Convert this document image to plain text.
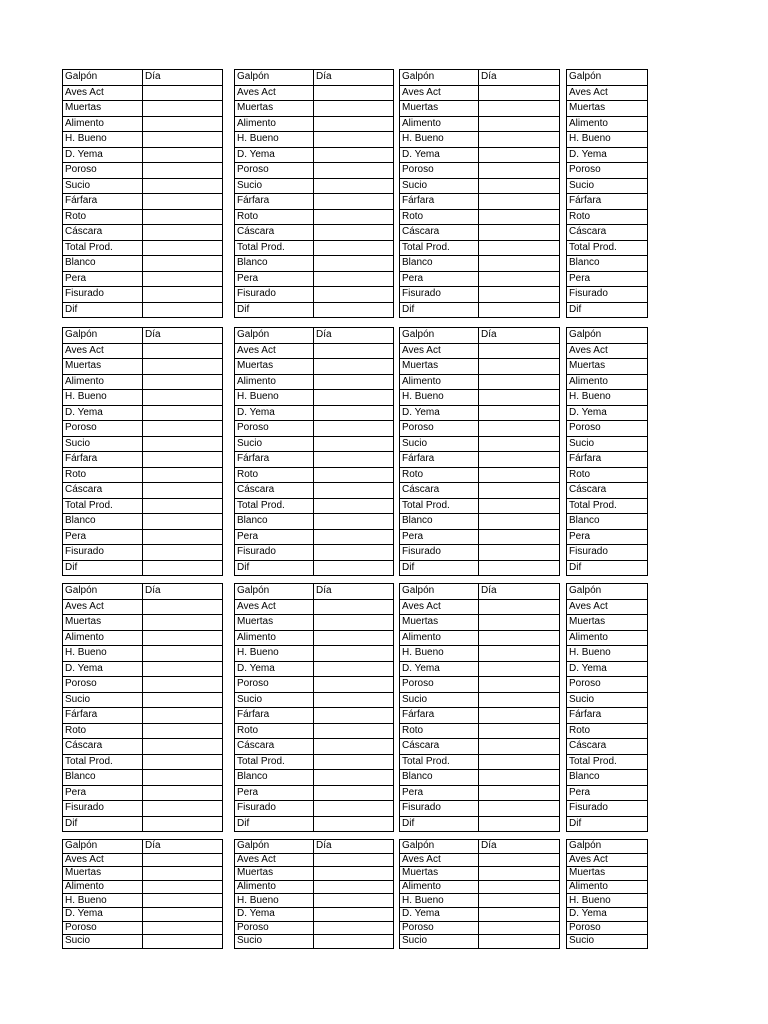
Galpón	Día
Aves Act	
Muertas	
Alimento	
H. Bueno	
D. Yema	
Poroso	
Sucio	
Fárfara	
Roto	
Cáscara	
Total Prod.	
Blanco	
Pera	
Fisurado	
Dif	
Galpón	Día
Aves Act	
Muertas	
Alimento	
H. Bueno	
D. Yema	
Poroso	
Sucio	
Fárfara	
Roto	
Cáscara	
Total Prod.	
Blanco	
Pera	
Fisurado	
Dif	
Galpón	Día
Aves Act	
Muertas	
Alimento	
H. Bueno	
D. Yema	
Poroso	
Sucio	
Fárfara	
Roto	
Cáscara	
Total Prod.	
Blanco	
Pera	
Fisurado	
Dif	
Galpón
Aves Act
Muertas
Alimento
H. Bueno
D. Yema
Poroso
Sucio
Fárfara
Roto
Cáscara
Total Prod.
Blanco
Pera
Fisurado
Dif
Galpón	Día
Aves Act	
Muertas	
Alimento	
H. Bueno	
D. Yema	
Poroso	
Sucio	
Fárfara	
Roto	
Cáscara	
Total Prod.	
Blanco	
Pera	
Fisurado	
Dif	
Galpón	Día
Aves Act	
Muertas	
Alimento	
H. Bueno	
D. Yema	
Poroso	
Sucio	
Fárfara	
Roto	
Cáscara	
Total Prod.	
Blanco	
Pera	
Fisurado	
Dif	
Galpón	Día
Aves Act	
Muertas	
Alimento	
H. Bueno	
D. Yema	
Poroso	
Sucio	
Fárfara	
Roto	
Cáscara	
Total Prod.	
Blanco	
Pera	
Fisurado	
Dif	
Galpón
Aves Act
Muertas
Alimento
H. Bueno
D. Yema
Poroso
Sucio
Fárfara
Roto
Cáscara
Total Prod.
Blanco
Pera
Fisurado
Dif
Galpón	Día
Aves Act	
Muertas	
Alimento	
H. Bueno	
D. Yema	
Poroso	
Sucio	
Fárfara	
Roto	
Cáscara	
Total Prod.	
Blanco	
Pera	
Fisurado	
Dif	
Galpón	Día
Aves Act	
Muertas	
Alimento	
H. Bueno	
D. Yema	
Poroso	
Sucio	
Fárfara	
Roto	
Cáscara	
Total Prod.	
Blanco	
Pera	
Fisurado	
Dif	
Galpón	Día
Aves Act	
Muertas	
Alimento	
H. Bueno	
D. Yema	
Poroso	
Sucio	
Fárfara	
Roto	
Cáscara	
Total Prod.	
Blanco	
Pera	
Fisurado	
Dif	
Galpón
Aves Act
Muertas
Alimento
H. Bueno
D. Yema
Poroso
Sucio
Fárfara
Roto
Cáscara
Total Prod.
Blanco
Pera
Fisurado
Dif
Galpón	Día
Aves Act	
Muertas	
Alimento	
H. Bueno	
D. Yema	
Poroso	
Sucio	
Galpón	Día
Aves Act	
Muertas	
Alimento	
H. Bueno	
D. Yema	
Poroso	
Sucio	
Galpón	Día
Aves Act	
Muertas	
Alimento	
H. Bueno	
D. Yema	
Poroso	
Sucio	
Galpón
Aves Act
Muertas
Alimento
H. Bueno
D. Yema
Poroso
Sucio
